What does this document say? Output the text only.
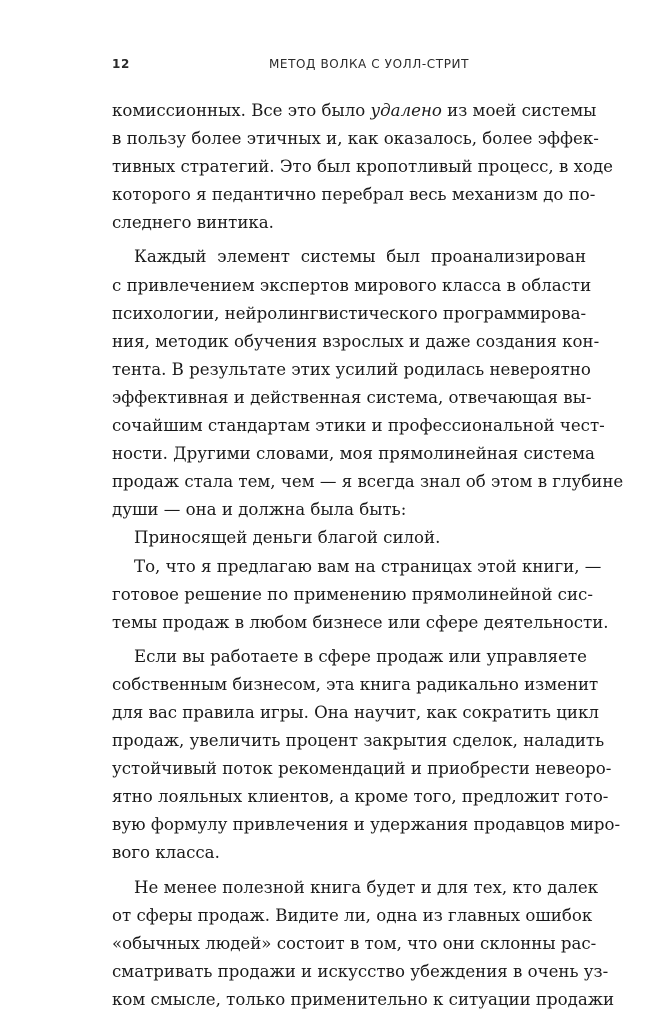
12	МЕТОД ВОЛКА С УОЛЛ-СТРИТ
комиссионных. Все это было удалено из моей системы
в пользу более этичных и, как оказалось, более эффек-
тивных стратегий. Это был кропотливый процесс, в ходе
которого я педантично перебрал весь механизм до по-
следнего винтика.
Каждый элемент системы был проанализирован
с привлечением экспертов мирового класса в области
психологии, нейролингвистического программирова-
ния, методик обучения взрослых и даже создания кон-
тента. В результате этих усилий родилась невероятно
эффективная и действенная система, отвечающая вы-
сочайшим стандартам этики и профессиональной чест-
ности. Другими словами, моя прямолинейная система
продаж стала тем, чем — я всегда знал об этом в глубине
души — она и должна была быть:
Приносящей деньги благой силой.
То, что я предлагаю вам на страницах этой книги, —
готовое решение по применению прямолинейной сис-
темы продаж в любом бизнесе или сфере деятельности.
Если вы работаете в сфере продаж или управляете
собственным бизнесом, эта книга радикально изменит
для вас правила игры. Она научит, как сократить цикл
продаж, увеличить процент закрытия сделок, наладить
устойчивый поток рекомендаций и приобрести невеоро-
ятно лояльных клиентов, а кроме того, предложит гото-
вую формулу привлечения и удержания продавцов миро-
вого класса.
Не менее полезной книга будет и для тех, кто далек
от сферы продаж. Видите ли, одна из главных ошибок
«обычных людей» состоит в том, что они склонны рас-
сматривать продажи и искусство убеждения в очень уз-
ком смысле, только применительно к ситуации продажи
